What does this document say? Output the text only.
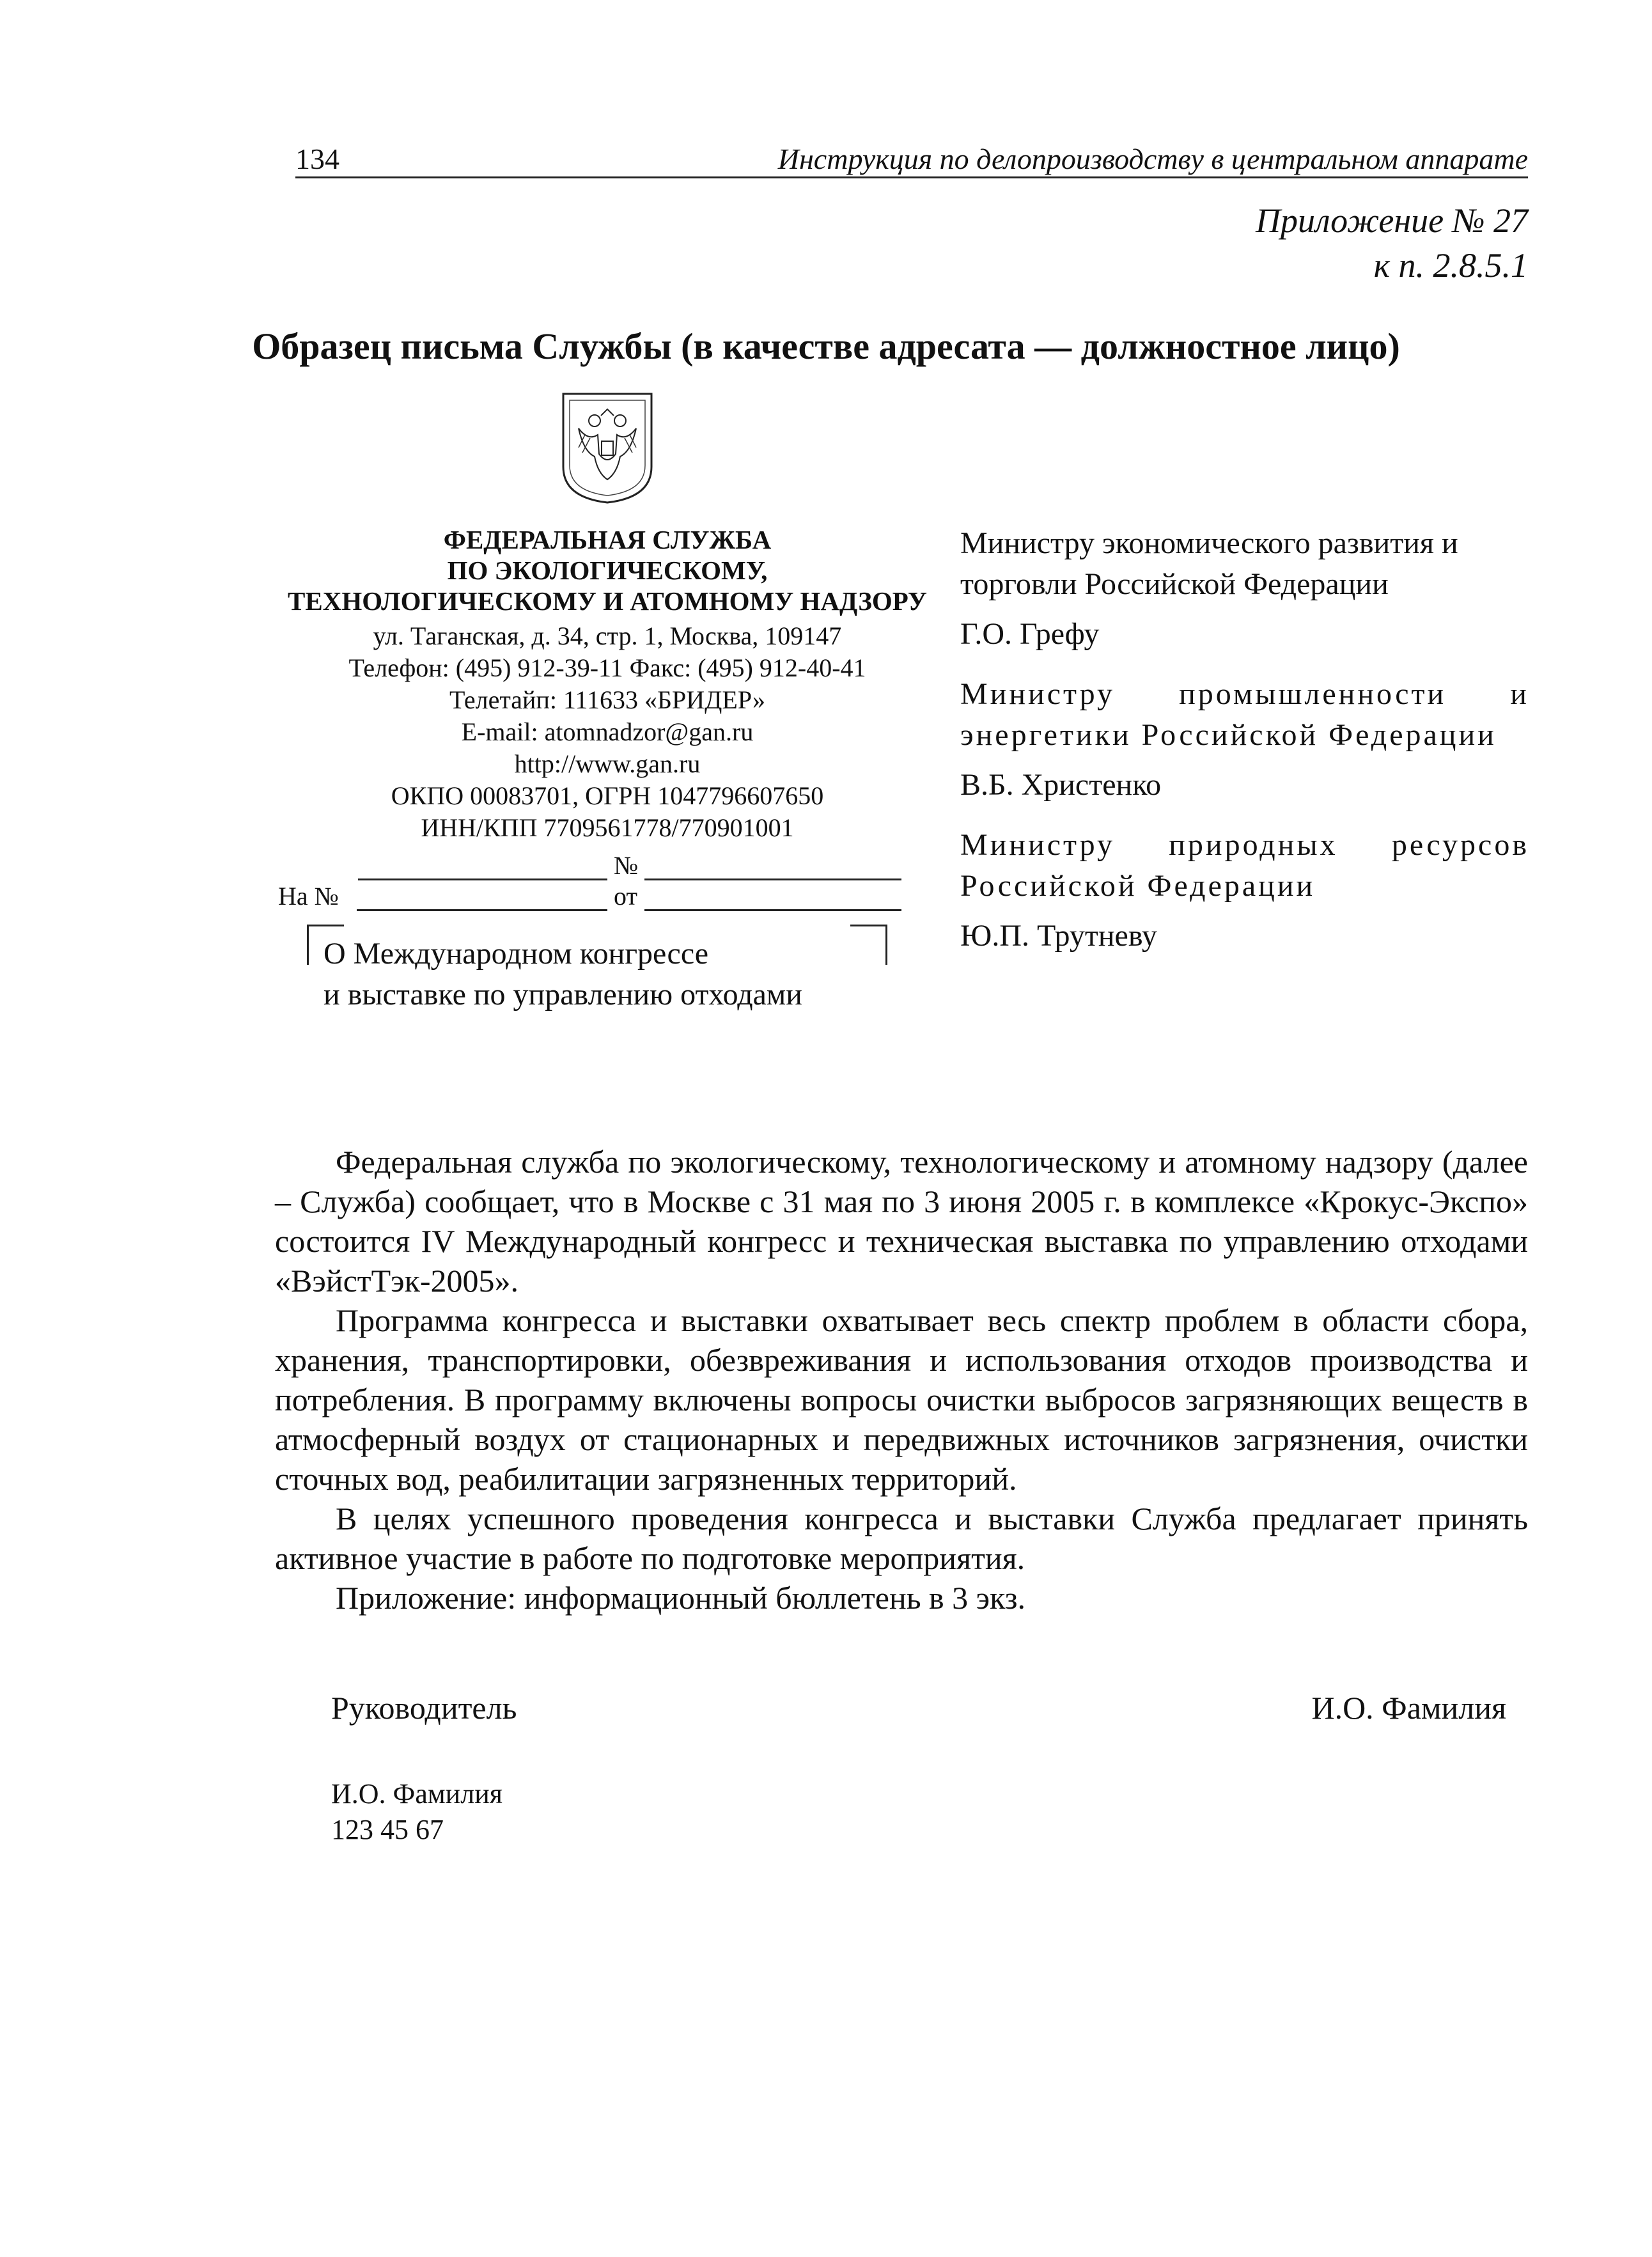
134	Инструкция по делопроизводству в центральном аппарате
Приложение № 27
к п. 2.8.5.1
Образец письма Службы (в качестве адресата — должностное лицо)
ФЕДЕРАЛЬНАЯ СЛУЖБА
ПО ЭКОЛОГИЧЕСКОМУ,
ТЕХНОЛОГИЧЕСКОМУ И АТОМНОМУ НАДЗОРУ
ул. Таганская, д. 34, стр. 1, Москва, 109147
Телефон: (495) 912-39-11 Факс: (495) 912-40-41
Телетайп: 111633 «БРИДЕР»
E-mail: atomnadzor@gan.ru
http://www.gan.ru
ОКПО 00083701, ОГРН 1047796607650
ИНН/КПП 7709561778/770901001
№
На №	от
О Международном конгрессе
и выставке по управлению отходами
Министру экономического развития и торговли Российской Федерации
Г.О. Грефу
Министру промышленности и энергетики Российской Федерации
В.Б. Христенко
Министру природных ресурсов Российской Федерации
Ю.П. Трутневу

Федеральная служба по экологическому, технологическому и атомному надзору (далее – Служба) сообщает, что в Москве с 31 мая по 3 июня 2005 г. в комплексе «Крокус-Экспо» состоится IV Международный конгресс и техническая выставка по управлению отходами «ВэйстТэк-2005».

Программа конгресса и выставки охватывает весь спектр проблем в области сбора, хранения, транспортировки, обезвреживания и использования отходов производства и потребления. В программу включены вопросы очистки выбросов загрязняющих веществ в атмосферный воздух от стационарных и передвижных источников загрязнения, очистки сточных вод, реабилитации загрязненных территорий.

В целях успешного проведения конгресса и выставки Служба предлагает принять активное участие в работе по подготовке мероприятия.

Приложение: информационный бюллетень в 3 экз.

Руководитель	И.О. Фамилия
И.О. Фамилия
123 45 67
